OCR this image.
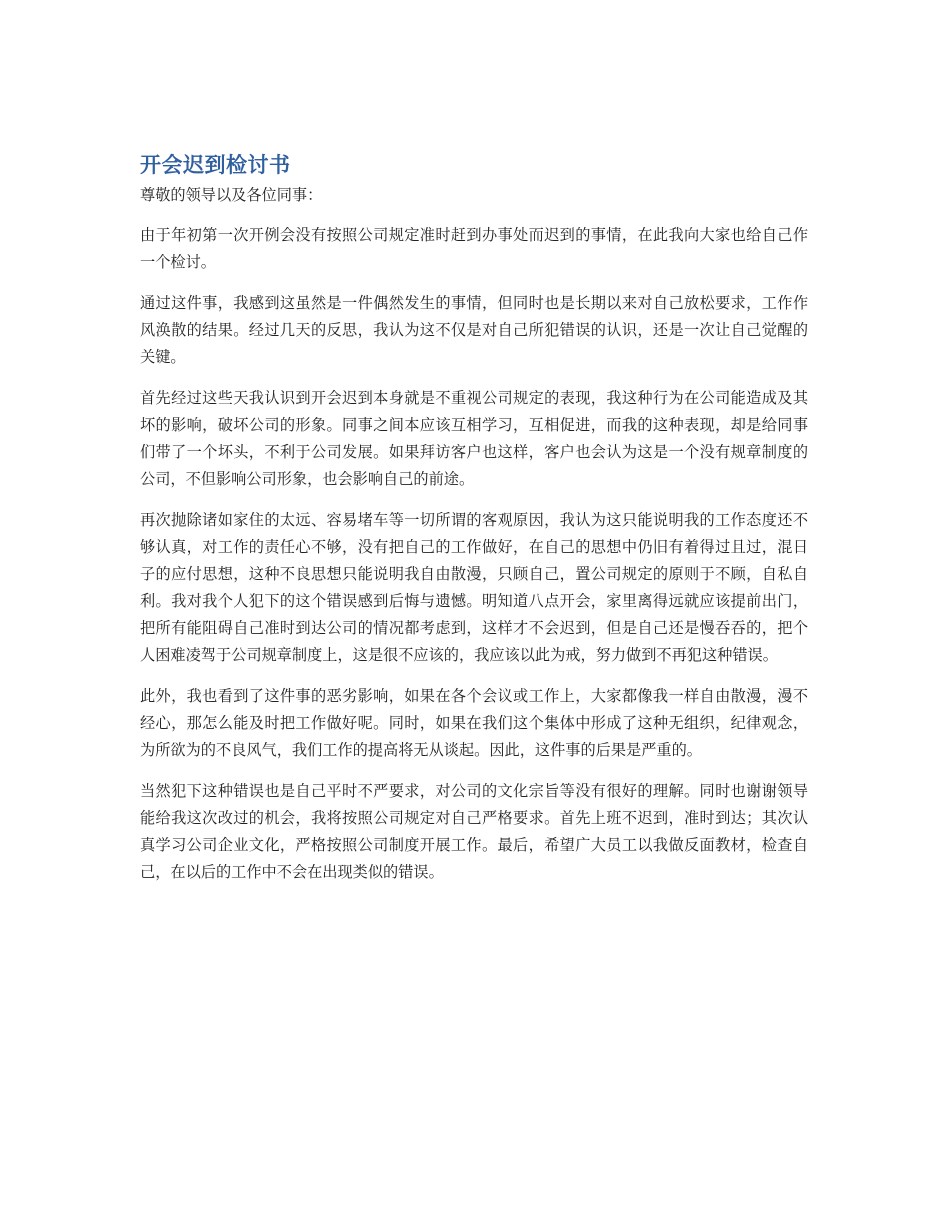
开会迟到检讨书

尊敬的领导以及各位同事：

由于年初第一次开例会没有按照公司规定准时赶到办事处而迟到的事情，在此我向大家也给自己作一个检讨。

通过这件事，我感到这虽然是一件偶然发生的事情，但同时也是长期以来对自己放松要求，工作作风涣散的结果。经过几天的反思，我认为这不仅是对自己所犯错误的认识，还是一次让自己觉醒的关键。

首先经过这些天我认识到开会迟到本身就是不重视公司规定的表现，我这种行为在公司能造成及其坏的影响，破坏公司的形象。同事之间本应该互相学习，互相促进，而我的这种表现，却是给同事们带了一个坏头，不利于公司发展。如果拜访客户也这样，客户也会认为这是一个没有规章制度的公司，不但影响公司形象，也会影响自己的前途。

再次抛除诸如家住的太远、容易堵车等一切所谓的客观原因，我认为这只能说明我的工作态度还不够认真，对工作的责任心不够，没有把自己的工作做好，在自己的思想中仍旧有着得过且过，混日子的应付思想，这种不良思想只能说明我自由散漫，只顾自己，置公司规定的原则于不顾，自私自利。我对我个人犯下的这个错误感到后悔与遗憾。明知道八点开会，家里离得远就应该提前出门，把所有能阻碍自己准时到达公司的情况都考虑到，这样才不会迟到，但是自己还是慢吞吞的，把个人困难凌驾于公司规章制度上，这是很不应该的，我应该以此为戒，努力做到不再犯这种错误。

此外，我也看到了这件事的恶劣影响，如果在各个会议或工作上，大家都像我一样自由散漫，漫不经心，那怎么能及时把工作做好呢。同时，如果在我们这个集体中形成了这种无组织，纪律观念，为所欲为的不良风气，我们工作的提高将无从谈起。因此，这件事的后果是严重的。

当然犯下这种错误也是自己平时不严要求，对公司的文化宗旨等没有很好的理解。同时也谢谢领导能给我这次改过的机会，我将按照公司规定对自己严格要求。首先上班不迟到，准时到达；其次认真学习公司企业文化，严格按照公司制度开展工作。最后，希望广大员工以我做反面教材，检查自己，在以后的工作中不会在出现类似的错误。
